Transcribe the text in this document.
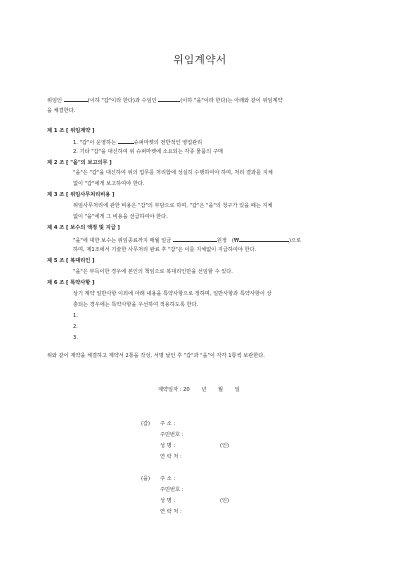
위임계약서
위임인	(이하 "갑"이라 한다)과 수임인	(이하 "을"이라 한다)는 아래와 같이 위임계약
을 체결한다.
제 1 조 [ 위임계약 ]
1. "갑"이 운영하는	슈퍼마켓의 전반적인 영업관리
2. 기타 "갑"을 대신하여 위 슈퍼마켓에 소요되는 각종 물품의 구매
제 2 조 [ "을"의 보고의무 ]
"을"은 "갑"을 대신하여 위의 업무를 처리함에 성실히 수행하여야 하며, 처리 결과를 지체
없이 "갑"에게 보고하여야 한다.
제 3 조 [ 위임사무처리비용 ]
위임사무처리에 관한 비용은 "갑"의 부담으로 하며, "갑"은 "을"의 청구가 있을 때는 지체
없이 "을"에게 그 비용을 선급하여야 한다.
제 4 조 [ 보수의 액정 및 지급 ]
"을"에 대한 보수는 위임종료까지 매월 일금	원정 (₩	)으로
하며, 제1조에서 기술한 사무처리 완료 후 "갑"은 이를 지체없이 지급하여야 한다.
제 5 조 [ 복대리인 ]
"을"은 부득이한 경우에 본인의 책임으로 복대리인만을 선임할 수 있다.
제 6 조 [ 특약사항 ]
상기 계약 일반사항 이외에 아래 내용을 특약사항으로 정하며, 일반사항과 특약사항이 상
충되는 경우에는 특약사항을 우선하여 적용하도록 한다.
1.
2.
3.
위와 같이 계약을 체결하고 계약서 2통을 작성, 서명 날인 후 "갑"과 "을"이 각각 1통씩 보관한다.
계약일자 : 20 년 월 일
(갑) 주 소 :
주민번호 :
성 명 :	(인)
연 락 처 :
(을) 주 소 :
주민번호 :
성 명 :	(인)
연 락 처 :
